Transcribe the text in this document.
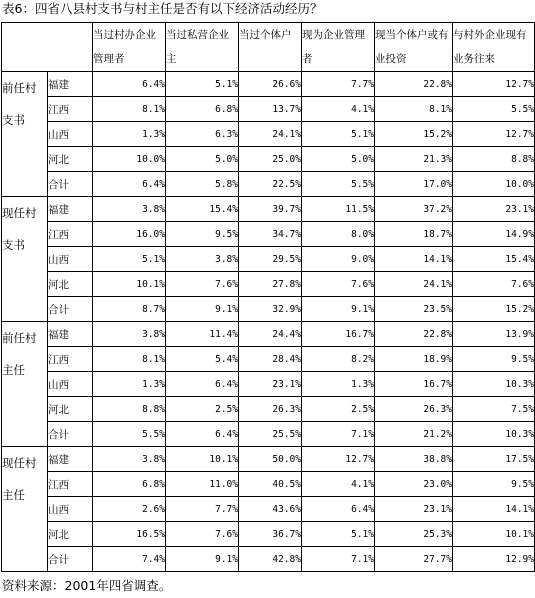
表6：四省八县村支书与村主任是否有以下经济活动经历？
		当过村办企业管理者	当过私营企业主	当过个体户	现为企业管理者	现当个体户或有业投资	与村外企业现有业务往来
前任村支书	福建	6.4%	5.1%	26.6%	7.7%	22.8%	12.7%
	江西	8.1%	6.8%	13.7%	4.1%	8.1%	5.5%
	山西	1.3%	6.3%	24.1%	5.1%	15.2%	12.7%
	河北	10.0%	5.0%	25.0%	5.0%	21.3%	8.8%
	合计	6.4%	5.8%	22.5%	5.5%	17.0%	10.0%
现任村支书	福建	3.8%	15.4%	39.7%	11.5%	37.2%	23.1%
	江西	16.0%	9.5%	34.7%	8.0%	18.7%	14.9%
	山西	5.1%	3.8%	29.5%	9.0%	14.1%	15.4%
	河北	10.1%	7.6%	27.8%	7.6%	24.1%	7.6%
	合计	8.7%	9.1%	32.9%	9.1%	23.5%	15.2%
前任村主任	福建	3.8%	11.4%	24.4%	16.7%	22.8%	13.9%
	江西	8.1%	5.4%	28.4%	8.2%	18.9%	9.5%
	山西	1.3%	6.4%	23.1%	1.3%	16.7%	10.3%
	河北	8.8%	2.5%	26.3%	2.5%	26.3%	7.5%
	合计	5.5%	6.4%	25.5%	7.1%	21.2%	10.3%
现任村主任	福建	3.8%	10.1%	50.0%	12.7%	38.8%	17.5%
	江西	6.8%	11.0%	40.5%	4.1%	23.0%	9.5%
	山西	2.6%	7.7%	43.6%	6.4%	23.1%	14.1%
	河北	16.5%	7.6%	36.7%	5.1%	25.3%	10.1%
	合计	7.4%	9.1%	42.8%	7.1%	27.7%	12.9%
资料来源：2001年四省调查。
